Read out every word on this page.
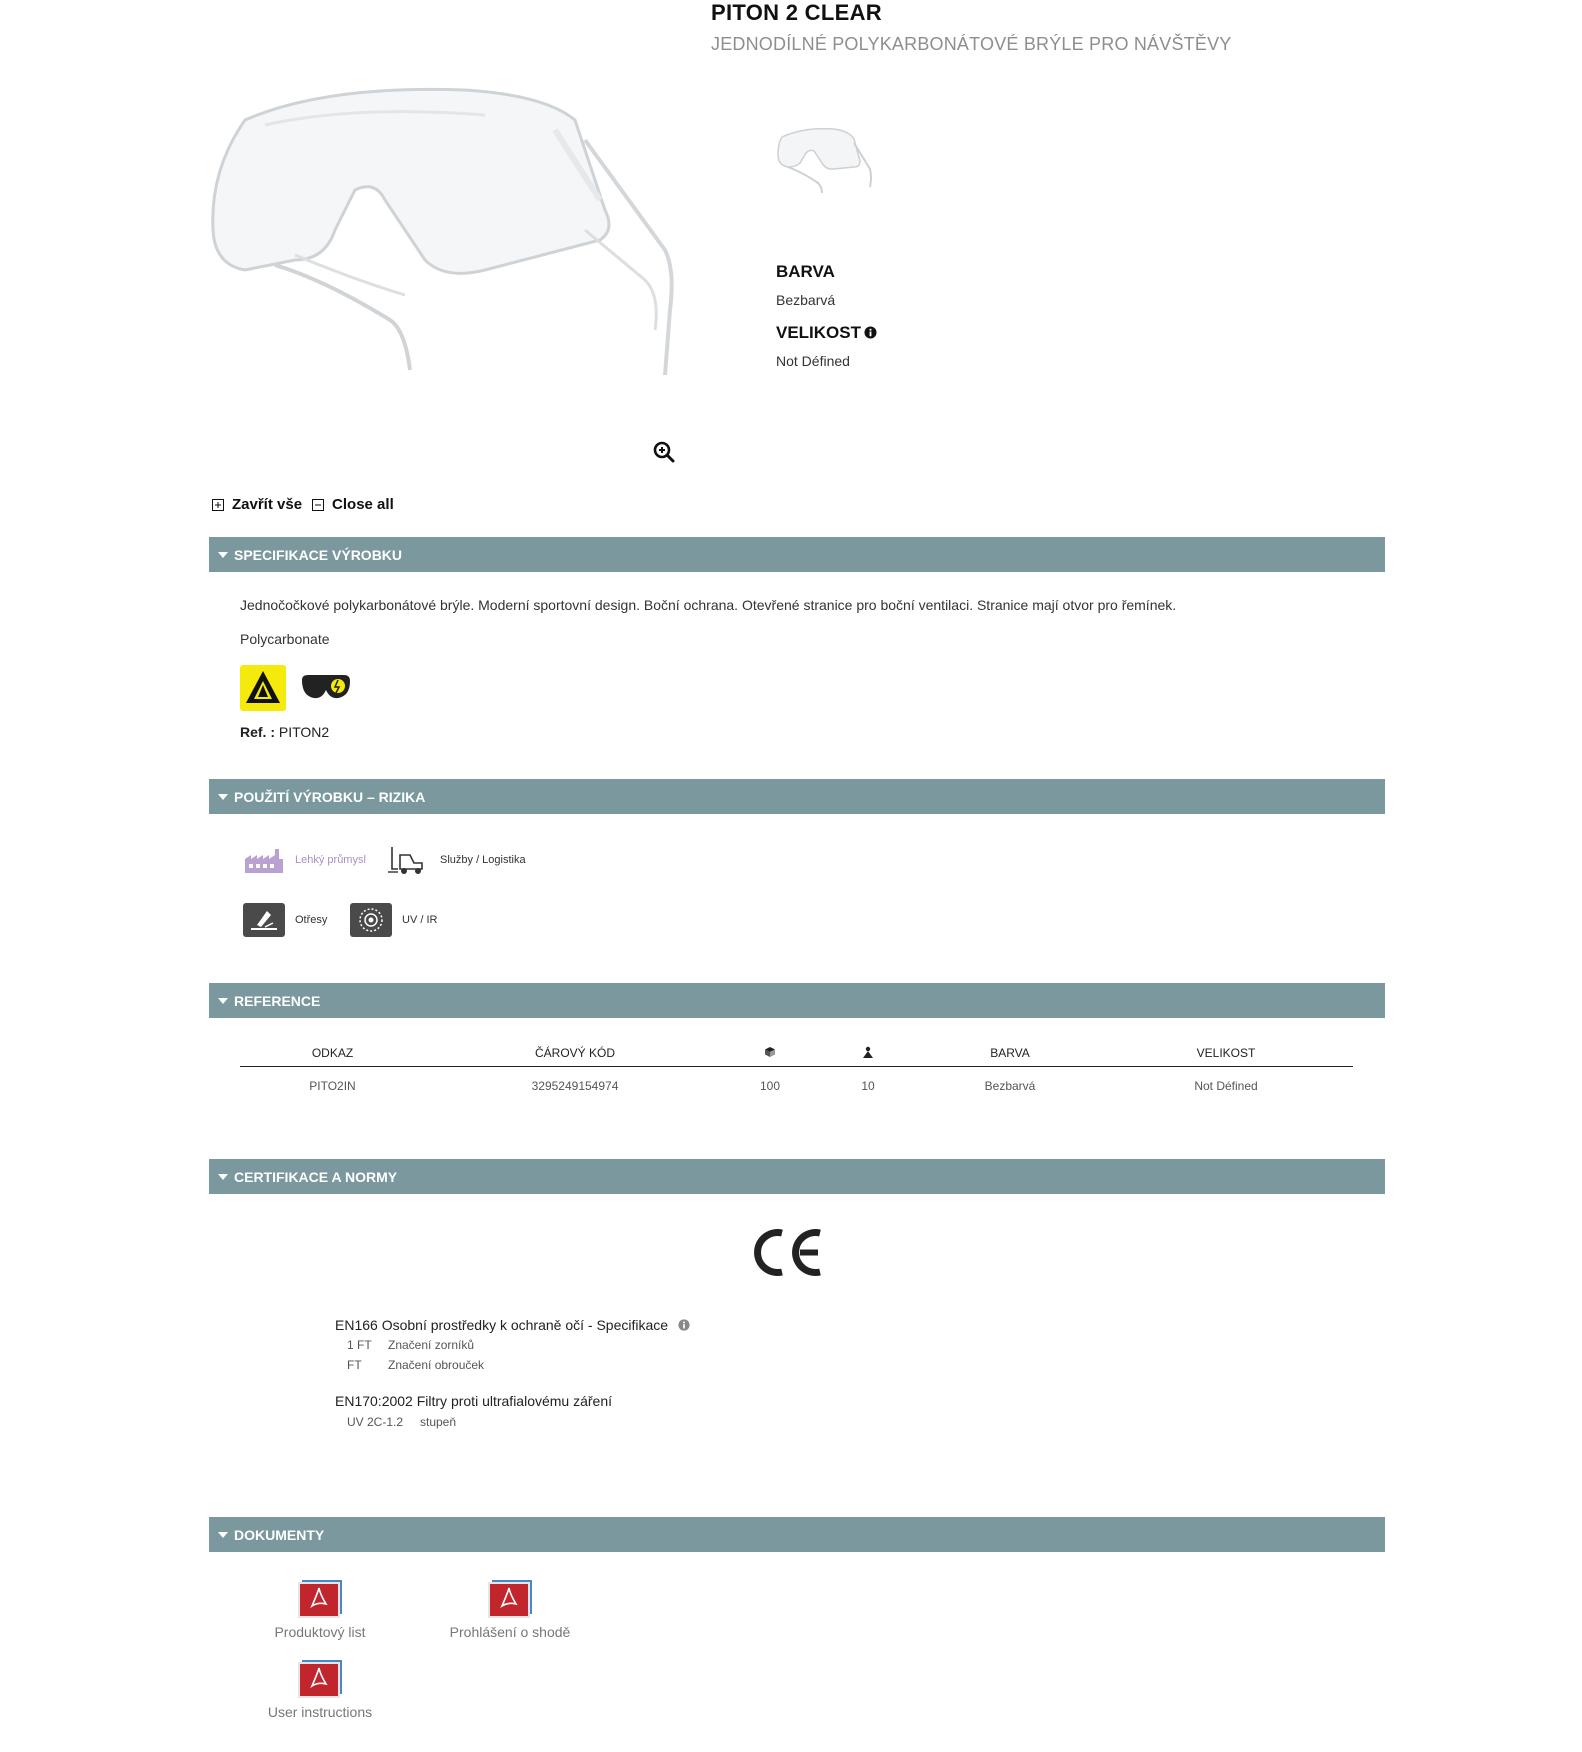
PITON 2 CLEAR
JEDNODÍLNÉ POLYKARBONÁTOVÉ BRÝLE PRO NÁVŠTĚVY
BARVA
Bezbarvá
VELIKOST
Not Défined
Zavřít vše Close all
SPECIFIKACE VÝROBKU
Jednočočkové polykarbonátové brýle. Moderní sportovní design. Boční ochrana. Otevřené stranice pro boční ventilaci. Stranice mají otvor pro řemínek.
Polycarbonate
Ref. : PITON2
POUŽITÍ VÝROBKU – RIZIKA
Lehký průmysl	Služby / Logistika
Otřesy	UV / IR
REFERENCE
ODKAZ	ČÁROVÝ KÓD			BARVA	VELIKOST
PITO2IN	3295249154974	100	10	Bezbarvá	Not Défined
CERTIFIKACE A NORMY
EN166 Osobní prostředky k ochraně očí - Specifikace
1 FT Značení zorníků
FT Značení obrouček
EN170:2002 Filtry proti ultrafialovému záření
UV 2C-1.2 stupeň
DOKUMENTY
Produktový list	Prohlášení o shodě
User instructions
